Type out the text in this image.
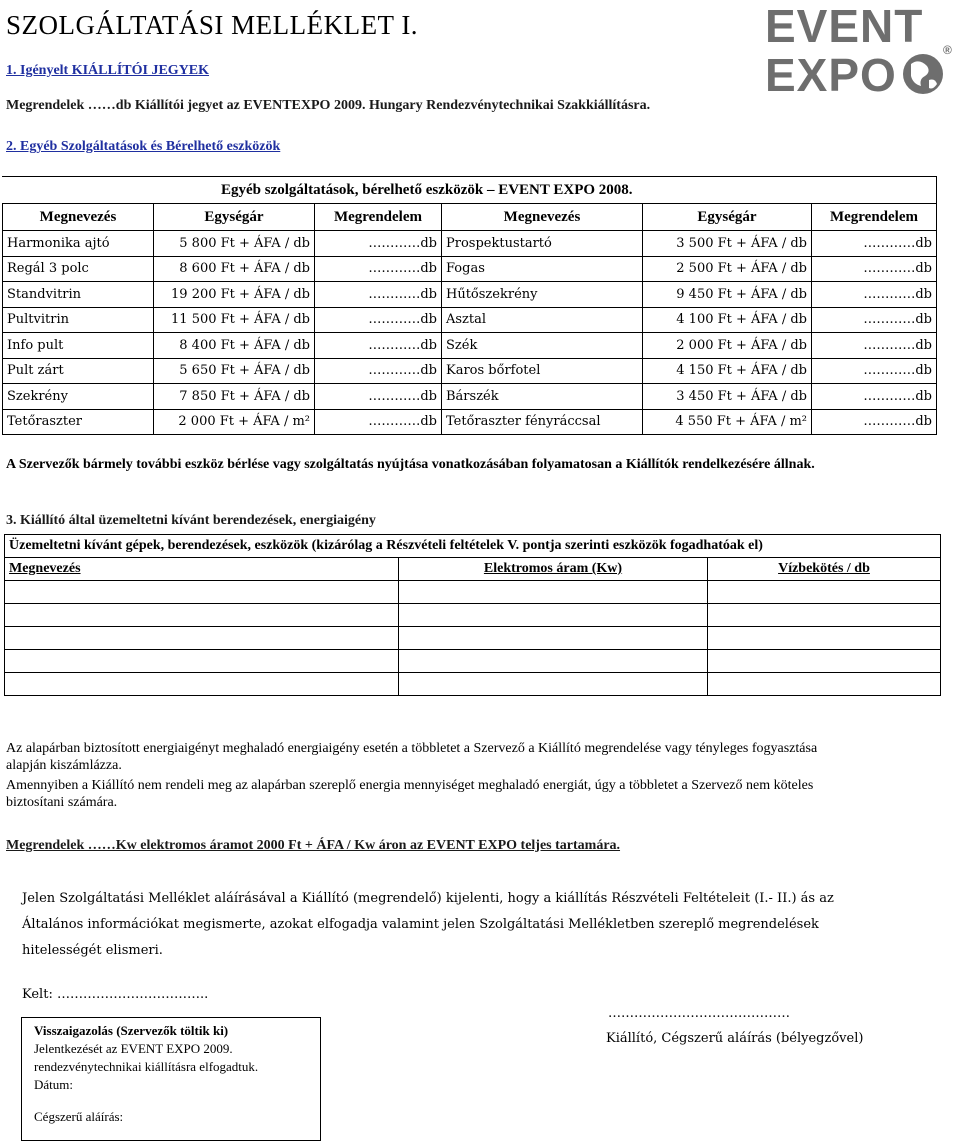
SZOLGÁLTATÁSI MELLÉKLET I.	EVENT
EXPO	®
1. Igényelt KIÁLLÍTÓI JEGYEK
Megrendelek ……db Kiállítói jegyet az EVENTEXPO 2009. Hungary Rendezvénytechnikai Szakkiállításra.
2. Egyéb Szolgáltatások és Bérelhető eszközök
Egyéb szolgáltatások, bérelhető eszközök – EVENT EXPO 2008.					
Megnevezés	Egységár	Megrendelem	Megnevezés	Egységár	Megrendelem
Harmonika ajtó	5 800 Ft + ÁFA / db	…………db	Prospektustartó	3 500 Ft + ÁFA / db	…………db
Regál 3 polc	8 600 Ft + ÁFA / db	…………db	Fogas	2 500 Ft + ÁFA / db	…………db
Standvitrin	19 200 Ft + ÁFA / db	…………db	Hűtőszekrény	9 450 Ft + ÁFA / db	…………db
Pultvitrin	11 500 Ft + ÁFA / db	…………db	Asztal	4 100 Ft + ÁFA / db	…………db
Info pult	8 400 Ft + ÁFA / db	…………db	Szék	2 000 Ft + ÁFA / db	…………db
Pult zárt	5 650 Ft + ÁFA / db	…………db	Karos bőrfotel	4 150 Ft + ÁFA / db	…………db
Szekrény	7 850 Ft + ÁFA / db	…………db	Bárszék	3 450 Ft + ÁFA / db	…………db
Tetőraszter	2 000 Ft + ÁFA / m²	…………db	Tetőraszter fényráccsal	4 550 Ft + ÁFA / m²	…………db
A Szervezők bármely további eszköz bérlése vagy szolgáltatás nyújtása vonatkozásában folyamatosan a Kiállítók rendelkezésére állnak.
3. Kiállító által üzemeltetni kívánt berendezések, energiaigény
Üzemeltetni kívánt gépek, berendezések, eszközök (kizárólag a Részvételi feltételek V. pontja szerinti eszközök fogadhatóak el)		
Megnevezés	Elektromos áram (Kw)	Vízbekötés / db

Az alapárban biztosított energiaigényt meghaladó energiaigény esetén a többletet a Szervező a Kiállító megrendelése vagy tényleges fogyasztása alapján kiszámlázza.
Amennyiben a Kiállító nem rendeli meg az alapárban szereplő energia mennyiséget meghaladó energiát, úgy a többletet a Szervező nem köteles biztosítani számára.
Megrendelek ……Kw elektromos áramot 2000 Ft + ÁFA / Kw áron az EVENT EXPO teljes tartamára.
Jelen Szolgáltatási Melléklet aláírásával a Kiállító (megrendelő) kijelenti, hogy a kiállítás Részvételi Feltételeit (I.- II.) ás az Általános információkat megismerte, azokat elfogadja valamint jelen Szolgáltatási Mellékletben szereplő megrendelések hitelességét elismeri.
Kelt: ……………………………..
……………………………………
Kiállító, Cégszerű aláírás (bélyegzővel)
Visszaigazolás (Szervezők töltik ki)
Jelentkezését az EVENT EXPO 2009.
rendezvénytechnikai kiállításra elfogadtuk.
Dátum:
Cégszerű aláírás:
